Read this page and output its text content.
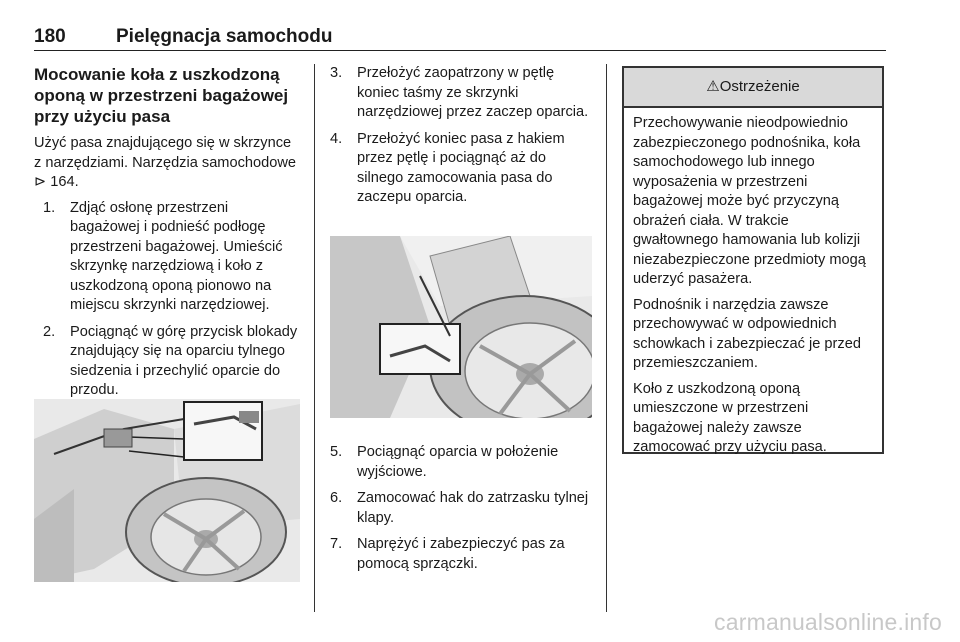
180	Pielęgnacja samochodu
Mocowanie koła z uszkodzoną oponą w przestrzeni bagażowej przy użyciu pasa

Użyć pasa znajdującego się w skrzynce z narzędziami. Narzędzia samochodowe ⊳ 164.

1. Zdjąć osłonę przestrzeni bagażowej i podnieść podłogę przestrzeni bagażowej. Umieścić skrzynkę narzędziową i koło z uszkodzoną oponą pionowo na miejscu skrzynki narzędziowej.
2. Pociągnąć w górę przycisk blokady znajdujący się na oparciu tylnego siedzenia i przechylić oparcie do przodu.
3. Przełożyć zaopatrzony w pętlę koniec taśmy ze skrzynki narzędziowej przez zaczep oparcia.
4. Przełożyć koniec pasa z hakiem przez pętlę i pociągnąć aż do silnego zamocowania pasa do zaczepu oparcia.
5. Pociągnąć oparcia w położenie wyjściowe.
6. Zamocować hak do zatrzasku tylnej klapy.
7. Naprężyć i zabezpieczyć pas za pomocą sprzączki.
⚠Ostrzeżenie

Przechowywanie nieodpowiednio zabezpieczonego podnośnika, koła samochodowego lub innego wyposażenia w przestrzeni bagażowej może być przyczyną obrażeń ciała. W trakcie gwałtownego hamowania lub kolizji niezabezpieczone przedmioty mogą uderzyć pasażera.

Podnośnik i narzędzia zawsze przechowywać w odpowiednich schowkach i zabezpieczać je przed przemieszczaniem.

Koło z uszkodzoną oponą umieszczone w przestrzeni bagażowej należy zawsze zamocować przy użyciu pasa.

carmanualsonline.info
